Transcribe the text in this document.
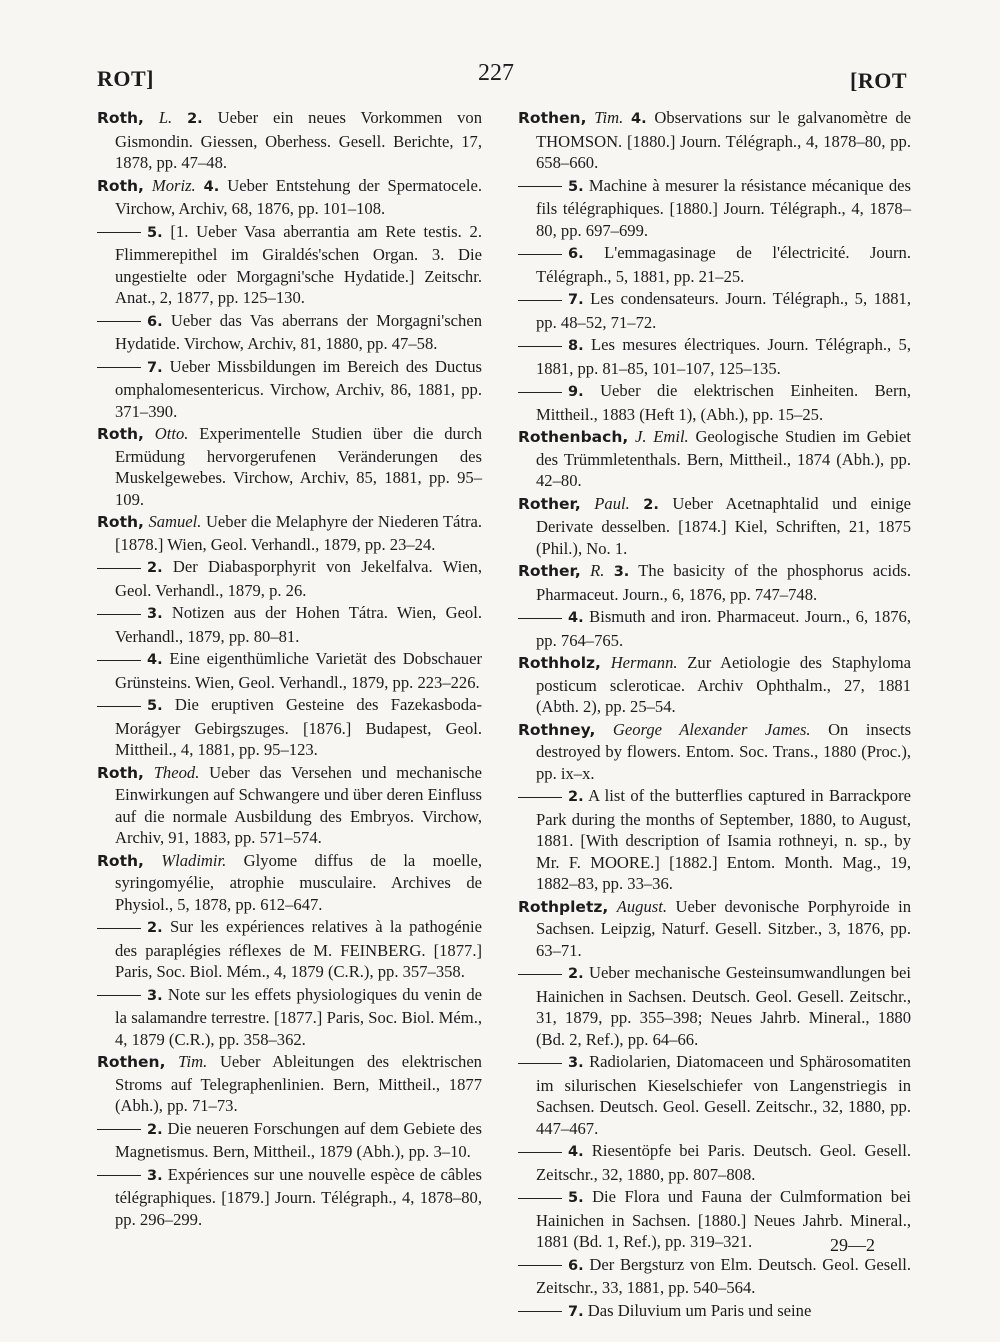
ROT]	227	[ROT
Roth, L. 2. Ueber ein neues Vorkommen von Gismondin. Giessen, Oberhess. Gesell. Berichte, 17, 1878, pp. 47–48.
Roth, Moriz. 4. Ueber Entstehung der Spermatocele. Virchow, Archiv, 68, 1876, pp. 101–108.
5. [1. Ueber Vasa aberrantia am Rete testis. 2. Flimmerepithel im Giraldés'schen Organ. 3. Die ungestielte oder Morgagni'sche Hydatide.] Zeitschr. Anat., 2, 1877, pp. 125–130.
6. Ueber das Vas aberrans der Morgagni'schen Hydatide. Virchow, Archiv, 81, 1880, pp. 47–58.
7. Ueber Missbildungen im Bereich des Ductus omphalomesentericus. Virchow, Archiv, 86, 1881, pp. 371–390.
Roth, Otto. Experimentelle Studien über die durch Ermüdung hervorgerufenen Veränderungen des Muskelgewebes. Virchow, Archiv, 85, 1881, pp. 95–109.
Roth, Samuel. Ueber die Melaphyre der Niederen Tátra. [1878.] Wien, Geol. Verhandl., 1879, pp. 23–24.
2. Der Diabasporphyrit von Jekelfalva. Wien, Geol. Verhandl., 1879, p. 26.
3. Notizen aus der Hohen Tátra. Wien, Geol. Verhandl., 1879, pp. 80–81.
4. Eine eigenthümliche Varietät des Dobschauer Grünsteins. Wien, Geol. Verhandl., 1879, pp. 223–226.
5. Die eruptiven Gesteine des Fazekasboda-Morágyer Gebirgszuges. [1876.] Budapest, Geol. Mittheil., 4, 1881, pp. 95–123.
Roth, Theod. Ueber das Versehen und mechanische Einwirkungen auf Schwangere und über deren Einfluss auf die normale Ausbildung des Embryos. Virchow, Archiv, 91, 1883, pp. 571–574.
Roth, Wladimir. Glyome diffus de la moelle, syringomyélie, atrophie musculaire. Archives de Physiol., 5, 1878, pp. 612–647.
2. Sur les expériences relatives à la pathogénie des paraplégies réflexes de M. FEINBERG. [1877.] Paris, Soc. Biol. Mém., 4, 1879 (C.R.), pp. 357–358.
3. Note sur les effets physiologiques du venin de la salamandre terrestre. [1877.] Paris, Soc. Biol. Mém., 4, 1879 (C.R.), pp. 358–362.
Rothen, Tim. Ueber Ableitungen des elektrischen Stroms auf Telegraphenlinien. Bern, Mittheil., 1877 (Abh.), pp. 71–73.
2. Die neueren Forschungen auf dem Gebiete des Magnetismus. Bern, Mittheil., 1879 (Abh.), pp. 3–10.
3. Expériences sur une nouvelle espèce de câbles télégraphiques. [1879.] Journ. Télégraph., 4, 1878–80, pp. 296–299.
Rothen, Tim. 4. Observations sur le galvanomètre de THOMSON. [1880.] Journ. Télégraph., 4, 1878–80, pp. 658–660.
5. Machine à mesurer la résistance mécanique des fils télégraphiques. [1880.] Journ. Télégraph., 4, 1878–80, pp. 697–699.
6. L'emmagasinage de l'électricité. Journ. Télégraph., 5, 1881, pp. 21–25.
7. Les condensateurs. Journ. Télégraph., 5, 1881, pp. 48–52, 71–72.
8. Les mesures électriques. Journ. Télégraph., 5, 1881, pp. 81–85, 101–107, 125–135.
9. Ueber die elektrischen Einheiten. Bern, Mittheil., 1883 (Heft 1), (Abh.), pp. 15–25.
Rothenbach, J. Emil. Geologische Studien im Gebiet des Trümmletenthals. Bern, Mittheil., 1874 (Abh.), pp. 42–80.
Rother, Paul. 2. Ueber Acetnaphtalid und einige Derivate desselben. [1874.] Kiel, Schriften, 21, 1875 (Phil.), No. 1.
Rother, R. 3. The basicity of the phosphorus acids. Pharmaceut. Journ., 6, 1876, pp. 747–748.
4. Bismuth and iron. Pharmaceut. Journ., 6, 1876, pp. 764–765.
Rothholz, Hermann. Zur Aetiologie des Staphyloma posticum scleroticae. Archiv Ophthalm., 27, 1881 (Abth. 2), pp. 25–54.
Rothney, George Alexander James. On insects destroyed by flowers. Entom. Soc. Trans., 1880 (Proc.), pp. ix–x.
2. A list of the butterflies captured in Barrackpore Park during the months of September, 1880, to August, 1881. [With description of Isamia rothneyi, n. sp., by Mr. F. MOORE.] [1882.] Entom. Month. Mag., 19, 1882–83, pp. 33–36.
Rothpletz, August. Ueber devonische Porphyroide in Sachsen. Leipzig, Naturf. Gesell. Sitzber., 3, 1876, pp. 63–71.
2. Ueber mechanische Gesteinsumwandlungen bei Hainichen in Sachsen. Deutsch. Geol. Gesell. Zeitschr., 31, 1879, pp. 355–398; Neues Jahrb. Mineral., 1880 (Bd. 2, Ref.), pp. 64–66.
3. Radiolarien, Diatomaceen und Sphärosomatiten im silurischen Kieselschiefer von Langenstriegis in Sachsen. Deutsch. Geol. Gesell. Zeitschr., 32, 1880, pp. 447–467.
4. Riesentöpfe bei Paris. Deutsch. Geol. Gesell. Zeitschr., 32, 1880, pp. 807–808.
5. Die Flora und Fauna der Culmformation bei Hainichen in Sachsen. [1880.] Neues Jahrb. Mineral., 1881 (Bd. 1, Ref.), pp. 319–321.
6. Der Bergsturz von Elm. Deutsch. Geol. Gesell. Zeitschr., 33, 1881, pp. 540–564.
7. Das Diluvium um Paris und seine
29—2
